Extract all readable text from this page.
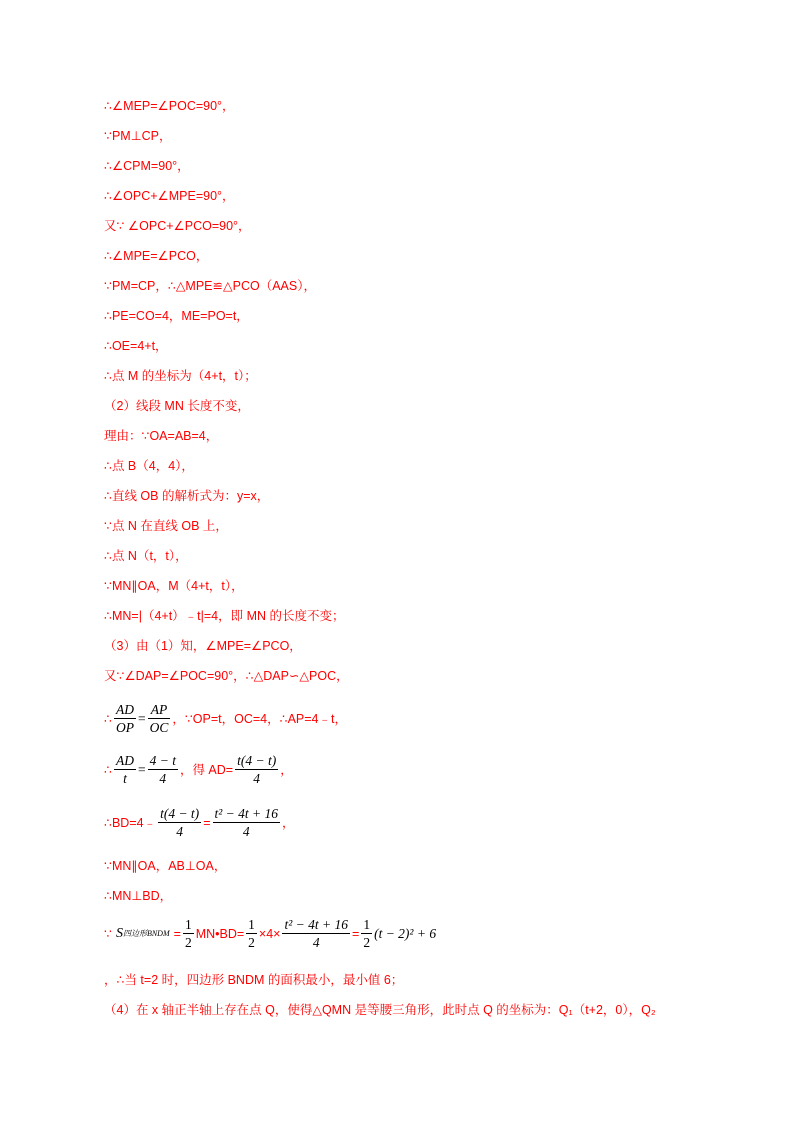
∴∠MEP=∠POC=90°，
∵PM⊥CP，
∴∠CPM=90°，
∴∠OPC+∠MPE=90°，
又∵ ∠OPC+∠PCO=90°，
∴∠MPE=∠PCO，
∵PM=CP，∴△MPE≌△PCO（AAS），
∴PE=CO=4，ME=PO=t，
∴OE=4+t，
∴点 M 的坐标为（4+t，t）；
（2）线段 MN 长度不变，
理由：∵OA=AB=4，
∴点 B（4，4），
∴直线 OB 的解析式为：y=x，
∵点 N 在直线 OB 上，
∴点 N（t，t），
∵MN∥OA，M（4+t，t），
∴MN=|（4+t）﹣t|=4，即 MN 的长度不变；
（3）由（1）知，∠MPE=∠PCO，
又∵∠DAP=∠POC=90°，∴△DAP∽△POC，
∴ $\frac{AD}{OP} = \frac{AP}{OC}$ ，∵OP=t，OC=4，∴AP=4﹣t，
∴ $\frac{AD}{t} = \frac{4 - t}{4}$ ，得 $AD= \frac{t(4 - t)}{4}$ ，
∴BD=4﹣ $\frac{t(4 - t)}{4} = \frac{\text{t² − 4t + 16}}{4}$ ，
∵MN∥OA，AB⊥OA，
∴MN⊥BD，
∵ S 四边形BNDM = $\frac{1}{2}$ MN•BD= $\frac{1}{2} \times 4\times \frac{\text{t² − 4t + 16}}{4} = \frac{1}{2} (t - 2)^2 + 6$
，∴当 t=2 时，四边形 BNDM 的面积最小，最小值 6；
（4）在 x 轴正半轴上存在点 Q，使得△QMN 是等腰三角形，此时点 Q 的坐标为：Q₁（t+2，0），Q₂
